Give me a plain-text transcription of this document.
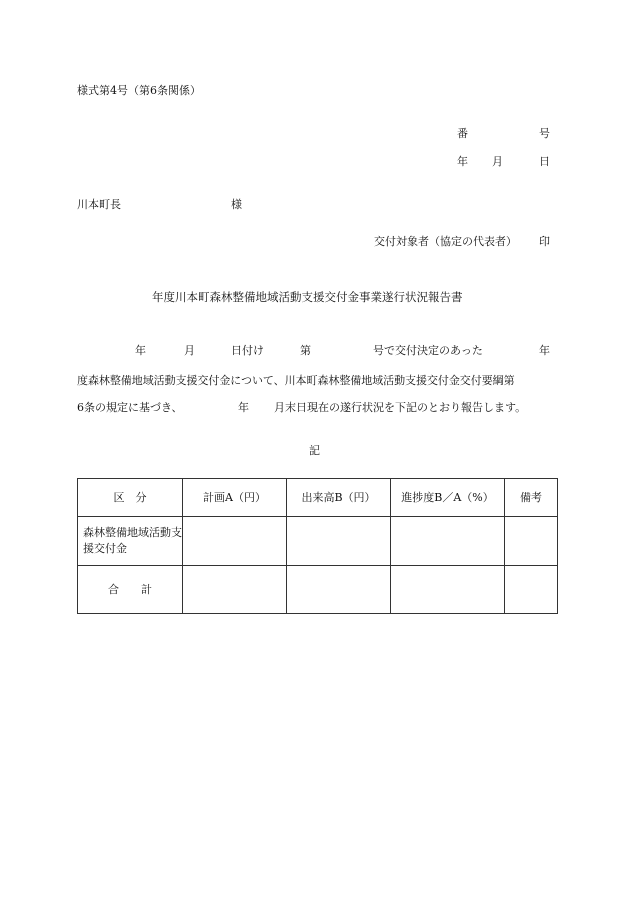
様式第4号（第6条関係）
番	号
年 月	日
川本町長	様
交付対象者（協定の代表者） 印
年度川本町森林整備地域活動支援交付金事業遂行状況報告書
年	月	日付け	第	号で交付決定のあった	年
度森林整備地域活動支援交付金について、川本町森林整備地域活動支援交付金交付要綱第
6条の規定に基づき、	年 月末日現在の遂行状況を下記のとおり報告します。
記
区　分	計画A（円）	出来高B（円）	進捗度B／A（%）	備考
森林整備地域活動支援交付金				
合　　計				
